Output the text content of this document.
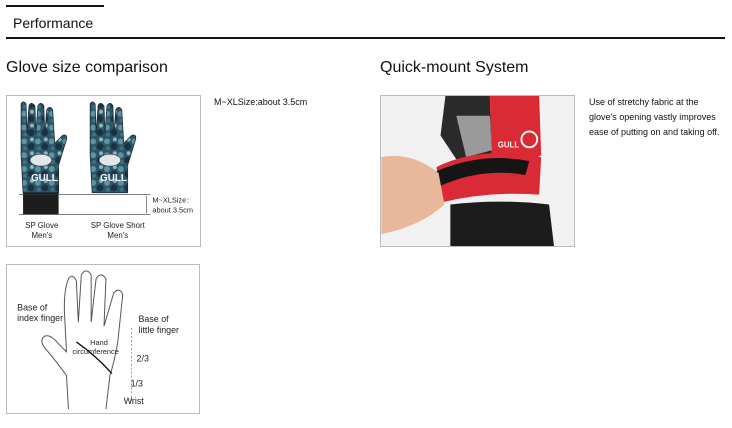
Performance
Glove size comparison
M~XLSize:about 3.5cm
Quick-mount System
Use of stretchy fabric at the glove's opening vastly improves ease of putting on and taking off.
GULL	GULL
M~XLSize：
about 3.5cm
SP Glove
Men's
SP Glove Short
Men's
Base of
index finger	Base of
little finger
Hand
circumference
2/3
1/3
Wrist
GULL
